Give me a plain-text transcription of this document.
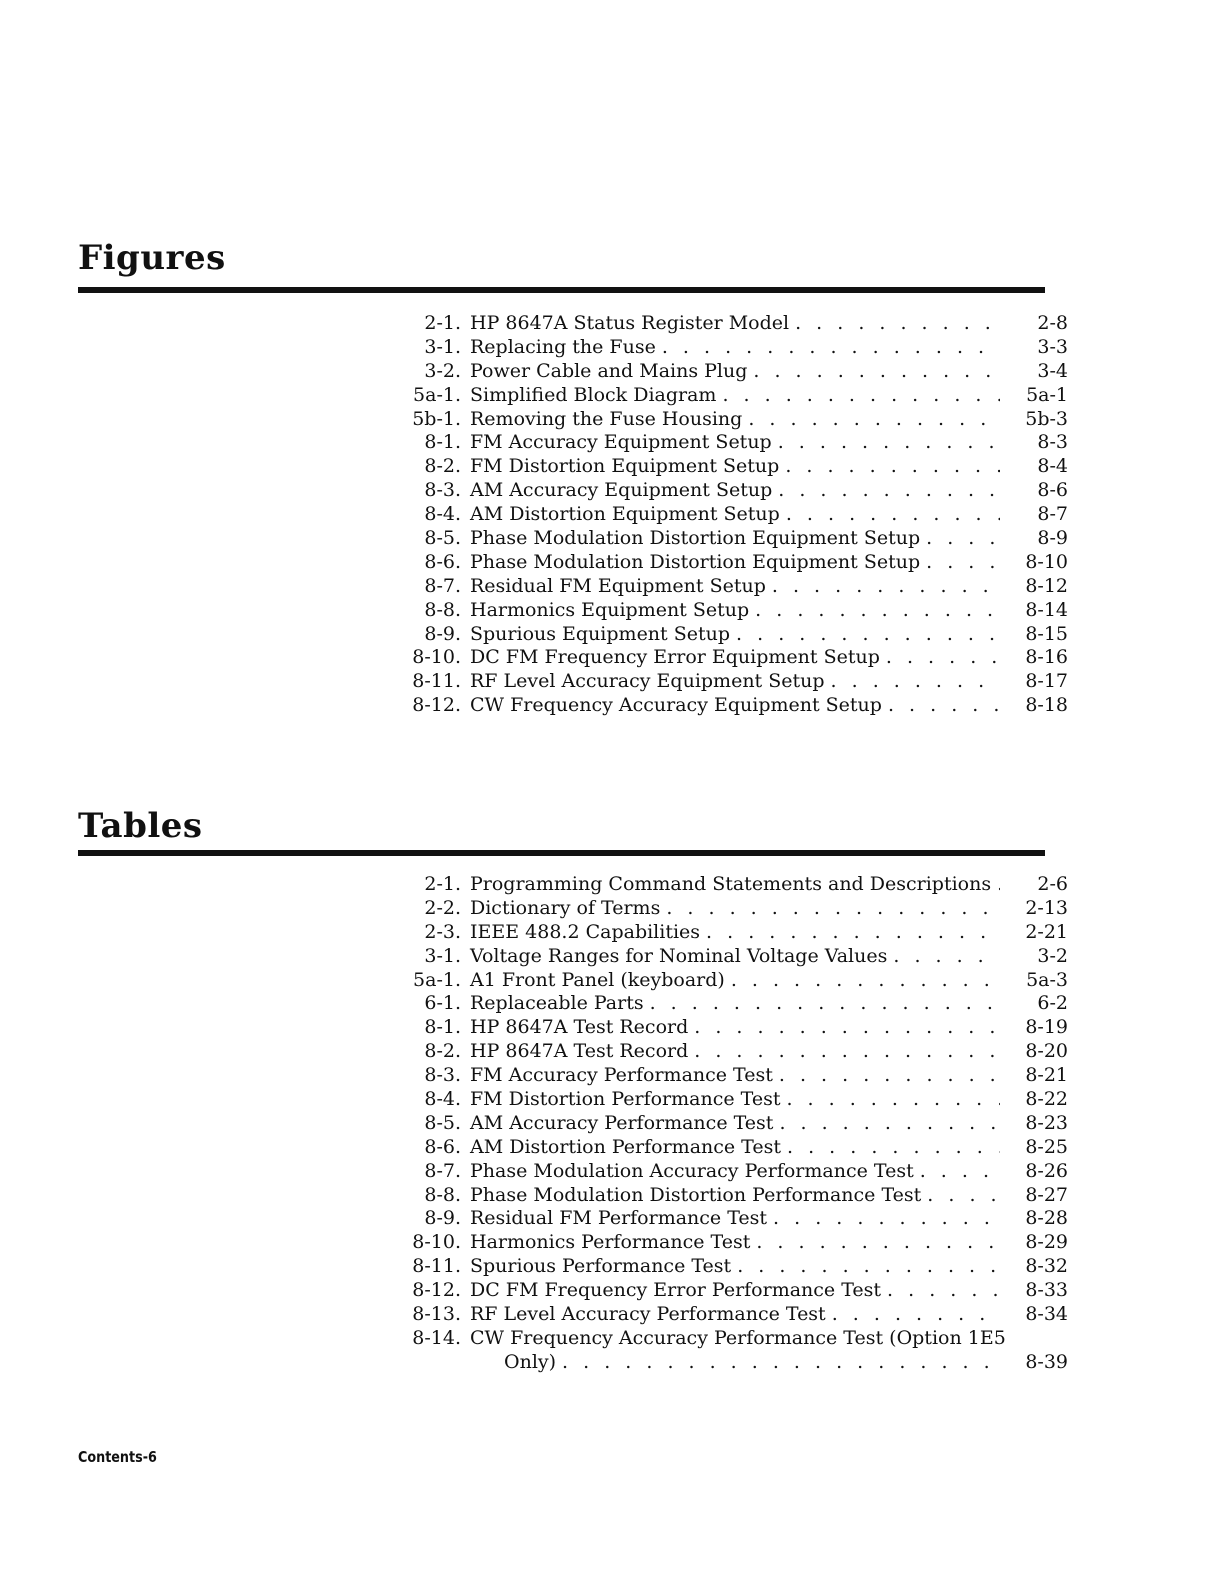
Figures
2-1. HP 8647A Status Register Model . . .	2-8
3-1. Replacing the Fuse . . .	3-3
3-2. Power Cable and Mains Plug . . .	3-4
5a-1. Simplified Block Diagram . . .	5a-1
5b-1. Removing the Fuse Housing . . .	5b-3
8-1. FM Accuracy Equipment Setup . . .	8-3
8-2. FM Distortion Equipment Setup . . .	8-4
8-3. AM Accuracy Equipment Setup . . .	8-6
8-4. AM Distortion Equipment Setup . . .	8-7
8-5. Phase Modulation Distortion Equipment Setup . . .	8-9
8-6. Phase Modulation Distortion Equipment Setup . . .	8-10
8-7. Residual FM Equipment Setup . . .	8-12
8-8. Harmonics Equipment Setup . . .	8-14
8-9. Spurious Equipment Setup . . .	8-15
8-10. DC FM Frequency Error Equipment Setup . . .	8-16
8-11. RF Level Accuracy Equipment Setup . . .	8-17
8-12. CW Frequency Accuracy Equipment Setup . . .	8-18
Tables
2-1. Programming Command Statements and Descriptions . . .	2-6
2-2. Dictionary of Terms . . .	2-13
2-3. IEEE 488.2 Capabilities . . .	2-21
3-1. Voltage Ranges for Nominal Voltage Values . . .	3-2
5a-1. A1 Front Panel (keyboard) . . .	5a-3
6-1. Replaceable Parts . . .	6-2
8-1. HP 8647A Test Record . . .	8-19
8-2. HP 8647A Test Record . . .	8-20
8-3. FM Accuracy Performance Test . . .	8-21
8-4. FM Distortion Performance Test . . .	8-22
8-5. AM Accuracy Performance Test . . .	8-23
8-6. AM Distortion Performance Test . . .	8-25
8-7. Phase Modulation Accuracy Performance Test . . .	8-26
8-8. Phase Modulation Distortion Performance Test . . .	8-27
8-9. Residual FM Performance Test . . .	8-28
8-10. Harmonics Performance Test . . .	8-29
8-11. Spurious Performance Test . . .	8-32
8-12. DC FM Frequency Error Performance Test . . .	8-33
8-13. RF Level Accuracy Performance Test . . .	8-34
8-14. CW Frequency Accuracy Performance Test (Option 1E5
Only) . . .	8-39
Contents-6
